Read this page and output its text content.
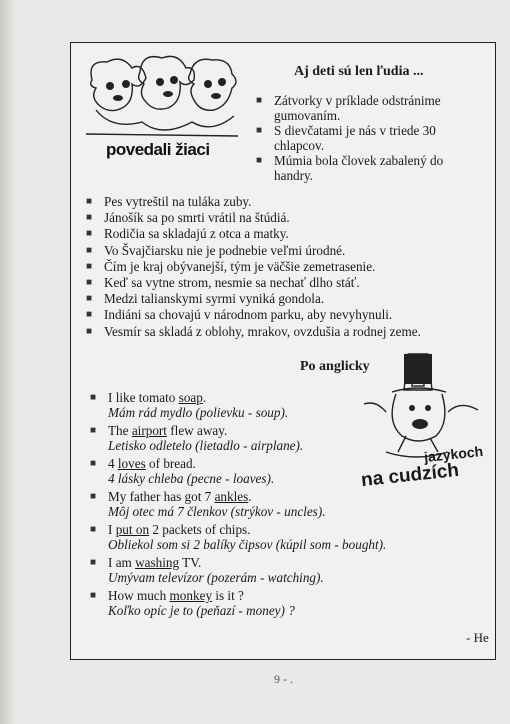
povedali žiaci
Aj deti sú len ľudia ...
■ Zátvorky v príklade odstránime gumovaním.
■ S dievčatami je nás v triede 30 chlapcov.
■ Múmia bola človek zabalený do handry.
■ Pes vytreštil na tuláka zuby.
■ Jánošík sa po smrti vrátil na štúdiá.
■ Rodičia sa skladajú z otca a matky.
■ Vo Švajčiarsku nie je podnebie veľmi úrodné.
■ Čím je kraj obývanejší, tým je väčšie zemetrasenie.
■ Keď sa vytne strom, nesmie sa nechať dlho stáť.
■ Medzi talianskymi syrmi vyniká gondola.
■ Indiáni sa chovajú v národnom parku, aby nevyhynuli.
■ Vesmír sa skladá z oblohy, mrakov, ovzdušia a rodnej zeme.
Po anglicky
■ I like tomato soap.
Mám rád mydlo (polievku - soup).
■ The airport flew away.
Letisko odletelo (lietadlo - airplane).
■ 4 loves of bread.
4 lásky chleba (pecne - loaves).
■ My father has got 7 ankles.
Môj otec má 7 členkov (strýkov - uncles).
■ I put on 2 packets of chips.
Obliekol som si 2 balíky čipsov (kúpil som - bought).
■ I am washing TV.
Umývam televízor (pozerám - watching).
■ How much monkey is it ?
Koľko opíc je to (peňazí - money) ?
jazykoch
na cudzích
- He
9 - .
